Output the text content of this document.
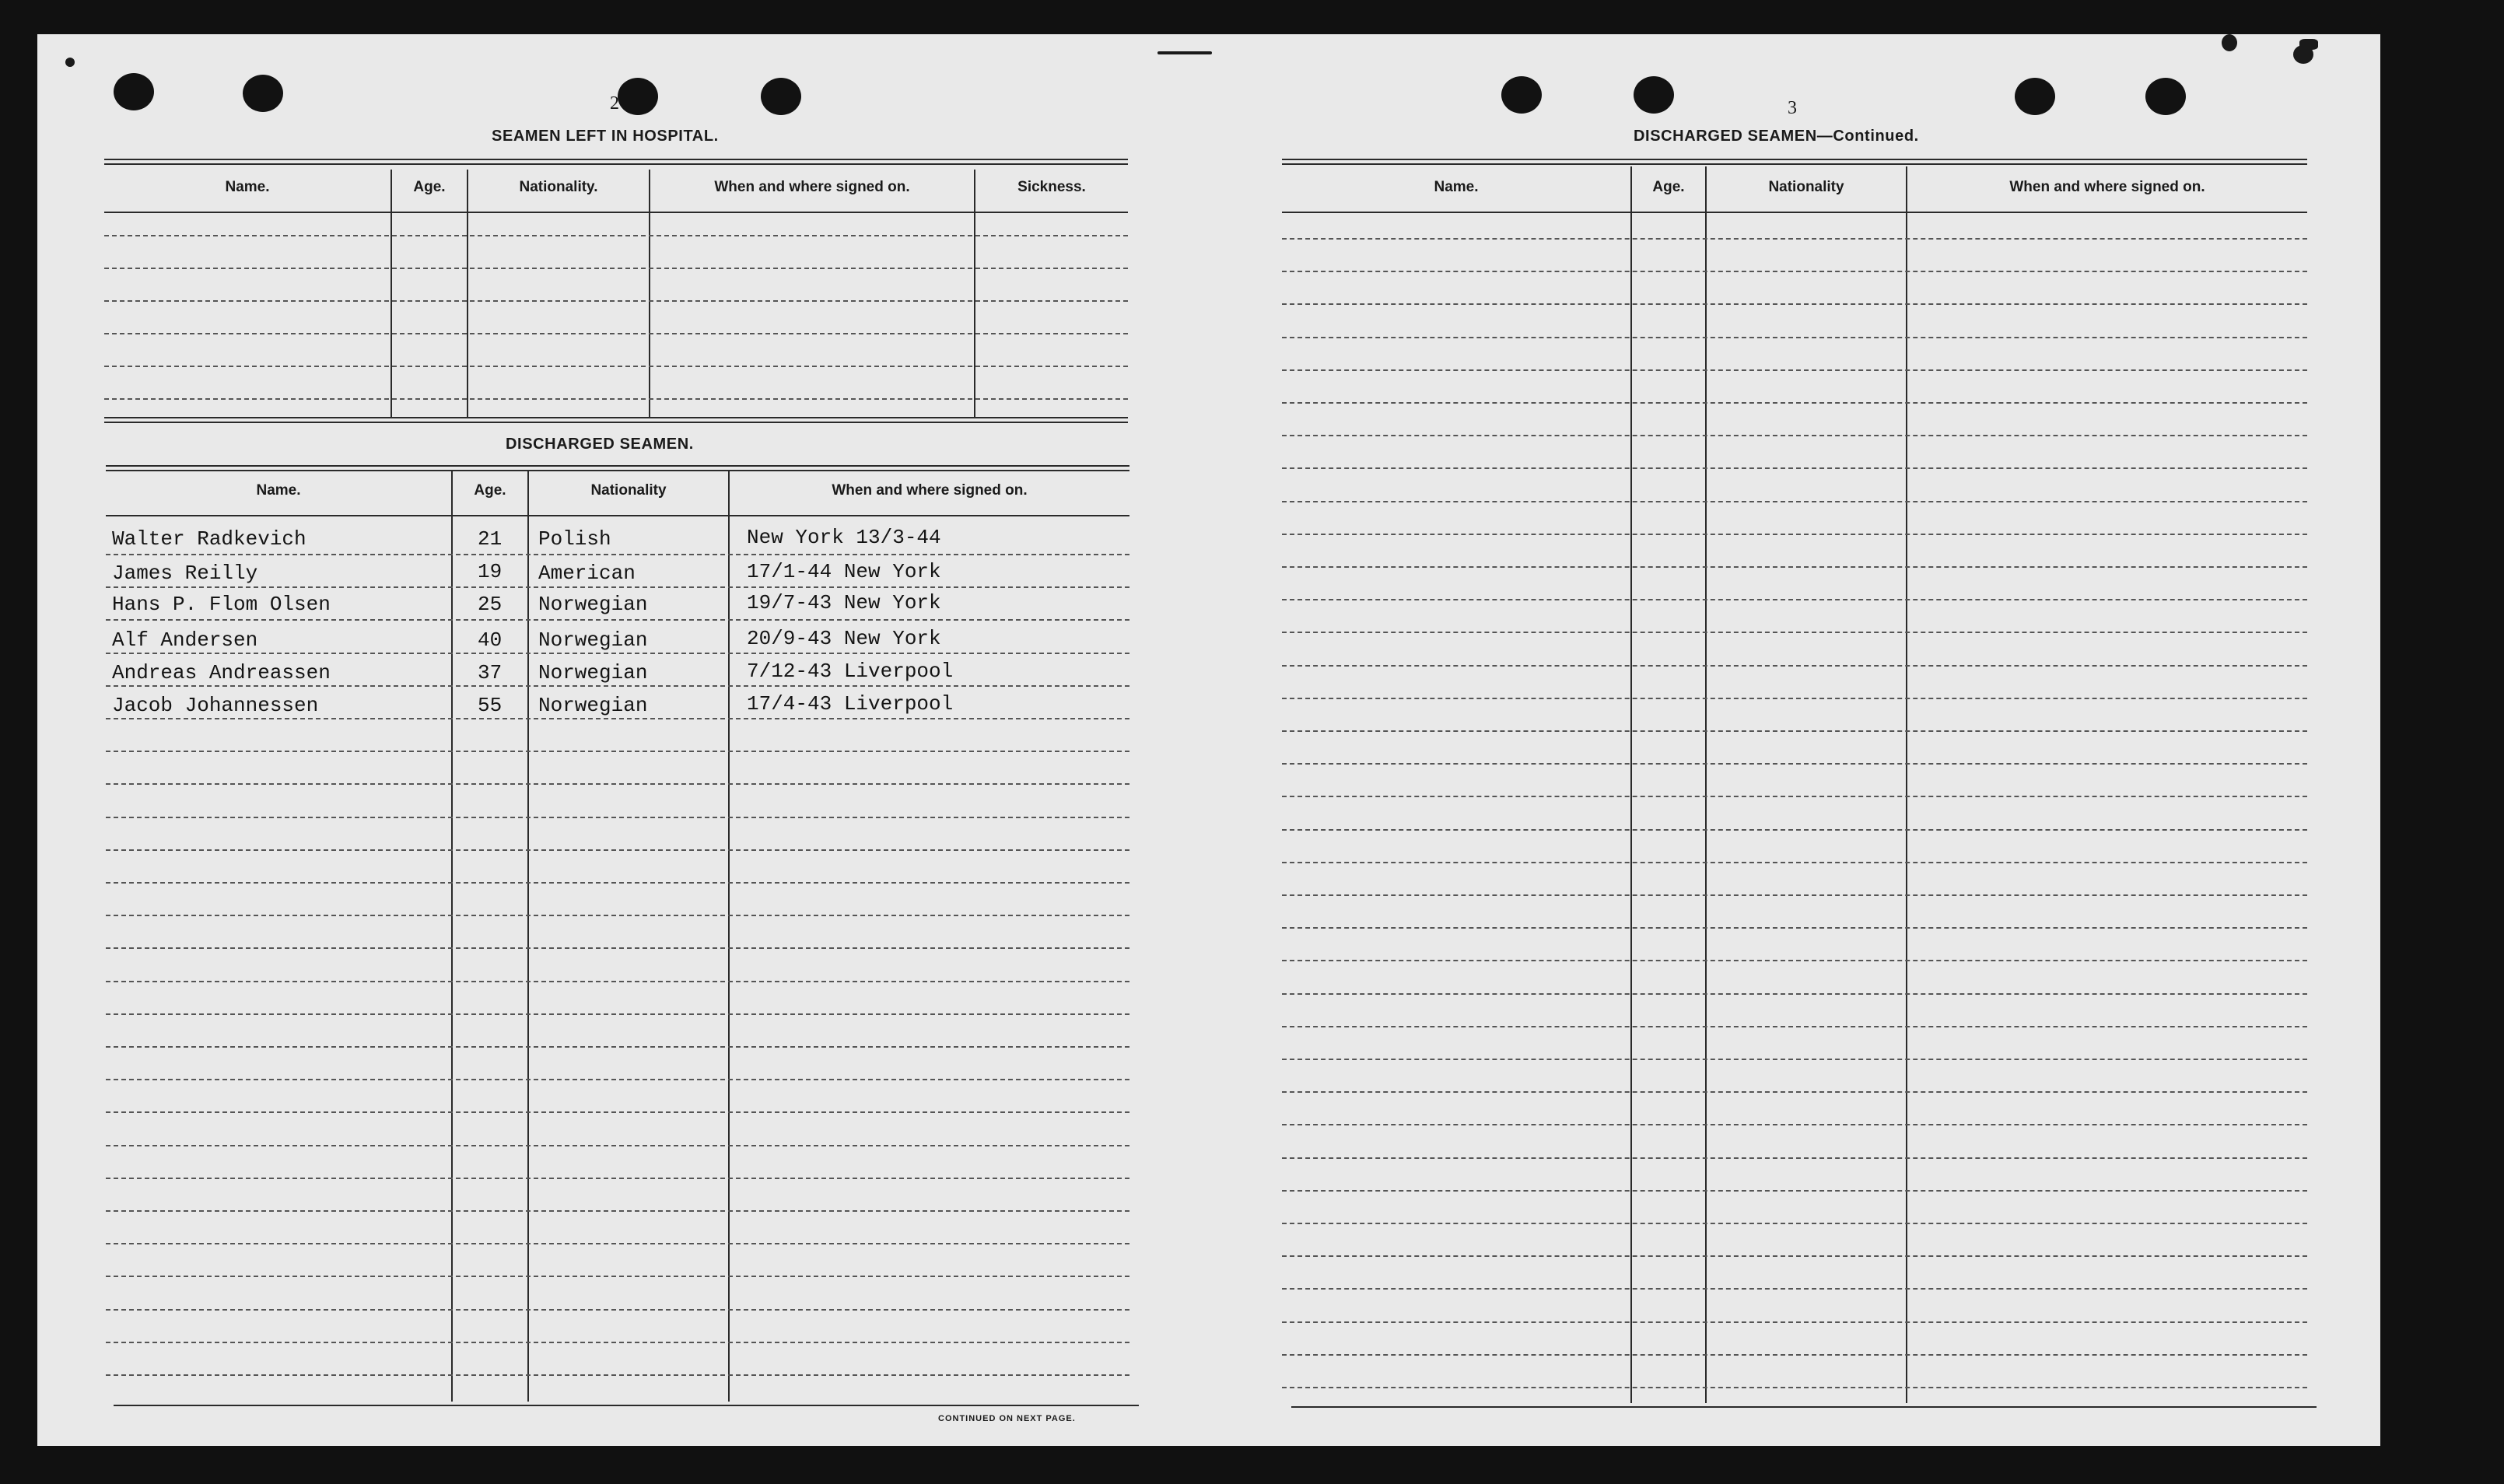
2
SEAMEN LEFT IN HOSPITAL.
Name.	Age.	Nationality.	When and where signed on.	Sickness.
DISCHARGED SEAMEN.
Name.	Age.	Nationality	When and where signed on.
Walter Radkevich	21 Polish	New York 13/3-44
James Reilly	19 American	17/1-44 New York
Hans P. Flom Olsen	25 Norwegian	19/7-43 New York
Alf Andersen	40 Norwegian	20/9-43 New York
Andreas Andreassen	37 Norwegian	7/12-43 Liverpool
Jacob Johannessen	55 Norwegian	17/4-43 Liverpool
CONTINUED ON NEXT PAGE.
3
DISCHARGED SEAMEN—Continued.
Name.	Age.	Nationality	When and where signed on.
